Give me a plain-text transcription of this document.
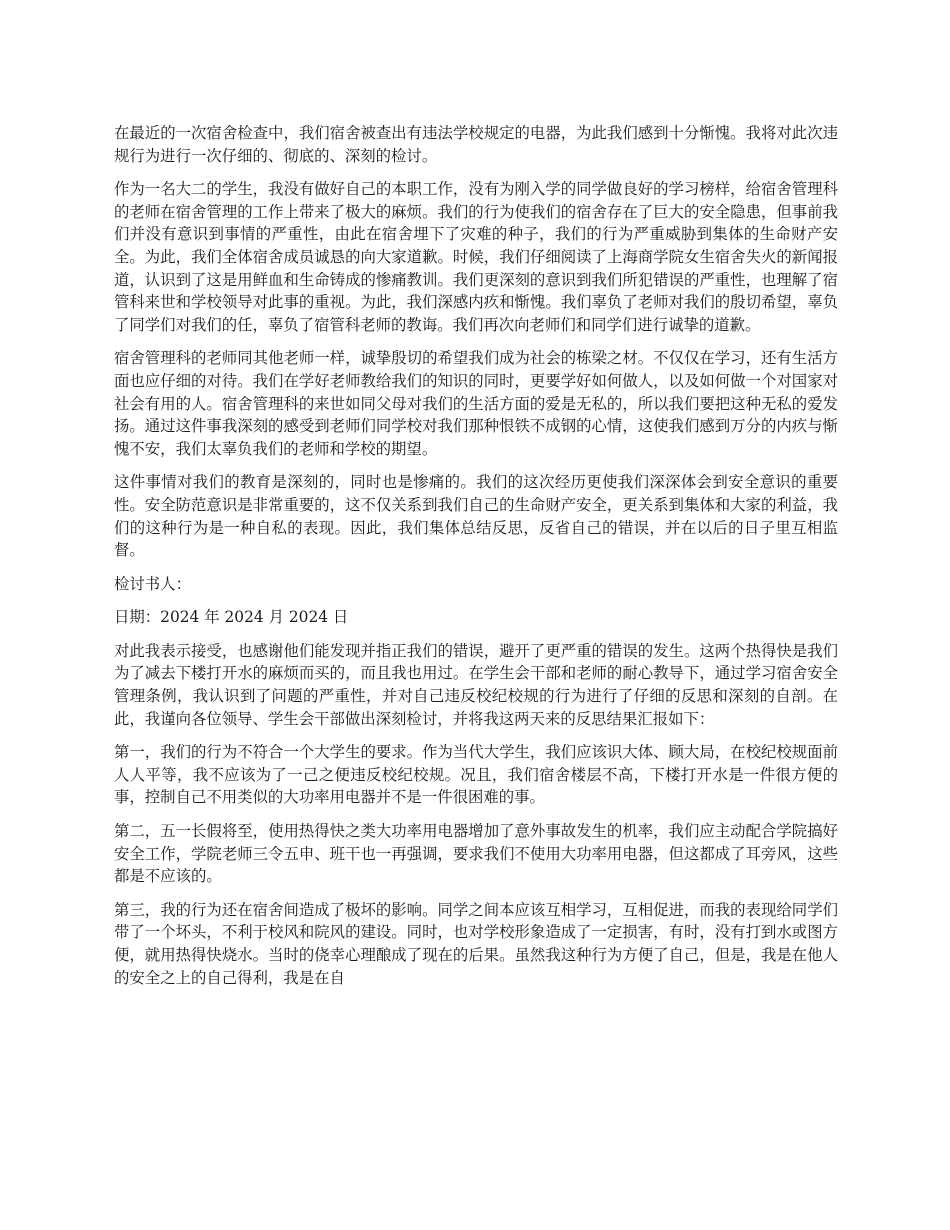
在最近的一次宿舍检查中，我们宿舍被查出有违法学校规定的电器，为此我们感到十分惭愧。我将对此次违规行为进行一次仔细的、彻底的、深刻的检讨。

作为一名大二的学生，我没有做好自己的本职工作，没有为刚入学的同学做良好的学习榜样，给宿舍管理科的老师在宿舍管理的工作上带来了极大的麻烦。我们的行为使我们的宿舍存在了巨大的安全隐患，但事前我们并没有意识到事情的严重性，由此在宿舍埋下了灾难的种子，我们的行为严重威胁到集体的生命财产安全。为此，我们全体宿舍成员诚恳的向大家道歉。时候，我们仔细阅读了上海商学院女生宿舍失火的新闻报道，认识到了这是用鲜血和生命铸成的惨痛教训。我们更深刻的意识到我们所犯错误的严重性，也理解了宿管科来世和学校领导对此事的重视。为此，我们深感内疚和惭愧。我们辜负了老师对我们的殷切希望，辜负了同学们对我们的任，辜负了宿管科老师的教诲。我们再次向老师们和同学们进行诚挚的道歉。

宿舍管理科的老师同其他老师一样，诚挚殷切的希望我们成为社会的栋梁之材。不仅仅在学习，还有生活方面也应仔细的对待。我们在学好老师教给我们的知识的同时，更要学好如何做人，以及如何做一个对国家对社会有用的人。宿舍管理科的来世如同父母对我们的生活方面的爱是无私的，所以我们要把这种无私的爱发扬。通过这件事我深刻的感受到老师们同学校对我们那种恨铁不成钢的心情，这使我们感到万分的内疚与惭愧不安，我们太辜负我们的老师和学校的期望。

这件事情对我们的教育是深刻的，同时也是惨痛的。我们的这次经历更使我们深深体会到安全意识的重要性。安全防范意识是非常重要的，这不仅关系到我们自己的生命财产安全，更关系到集体和大家的利益，我们的这种行为是一种自私的表现。因此，我们集体总结反思，反省自己的错误，并在以后的日子里互相监督。

检讨书人：

日期：2024 年 2024 月 2024 日

对此我表示接受，也感谢他们能发现并指正我们的错误，避开了更严重的错误的发生。这两个热得快是我们为了减去下楼打开水的麻烦而买的，而且我也用过。在学生会干部和老师的耐心教导下，通过学习宿舍安全管理条例，我认识到了问题的严重性，并对自己违反校纪校规的行为进行了仔细的反思和深刻的自剖。在此，我谨向各位领导、学生会干部做出深刻检讨，并将我这两天来的反思结果汇报如下：

第一，我们的行为不符合一个大学生的要求。作为当代大学生，我们应该识大体、顾大局，在校纪校规面前人人平等，我不应该为了一己之便违反校纪校规。况且，我们宿舍楼层不高，下楼打开水是一件很方便的事，控制自己不用类似的大功率用电器并不是一件很困难的事。

第二，五一长假将至，使用热得快之类大功率用电器增加了意外事故发生的机率，我们应主动配合学院搞好安全工作，学院老师三令五申、班干也一再强调，要求我们不使用大功率用电器，但这都成了耳旁风，这些都是不应该的。

第三，我的行为还在宿舍间造成了极坏的影响。同学之间本应该互相学习，互相促进，而我的表现给同学们带了一个坏头，不利于校风和院风的建设。同时，也对学校形象造成了一定损害，有时，没有打到水或图方便，就用热得快烧水。当时的侥幸心理酿成了现在的后果。虽然我这种行为方便了自己，但是，我是在他人的安全之上的自己得利，我是在自
